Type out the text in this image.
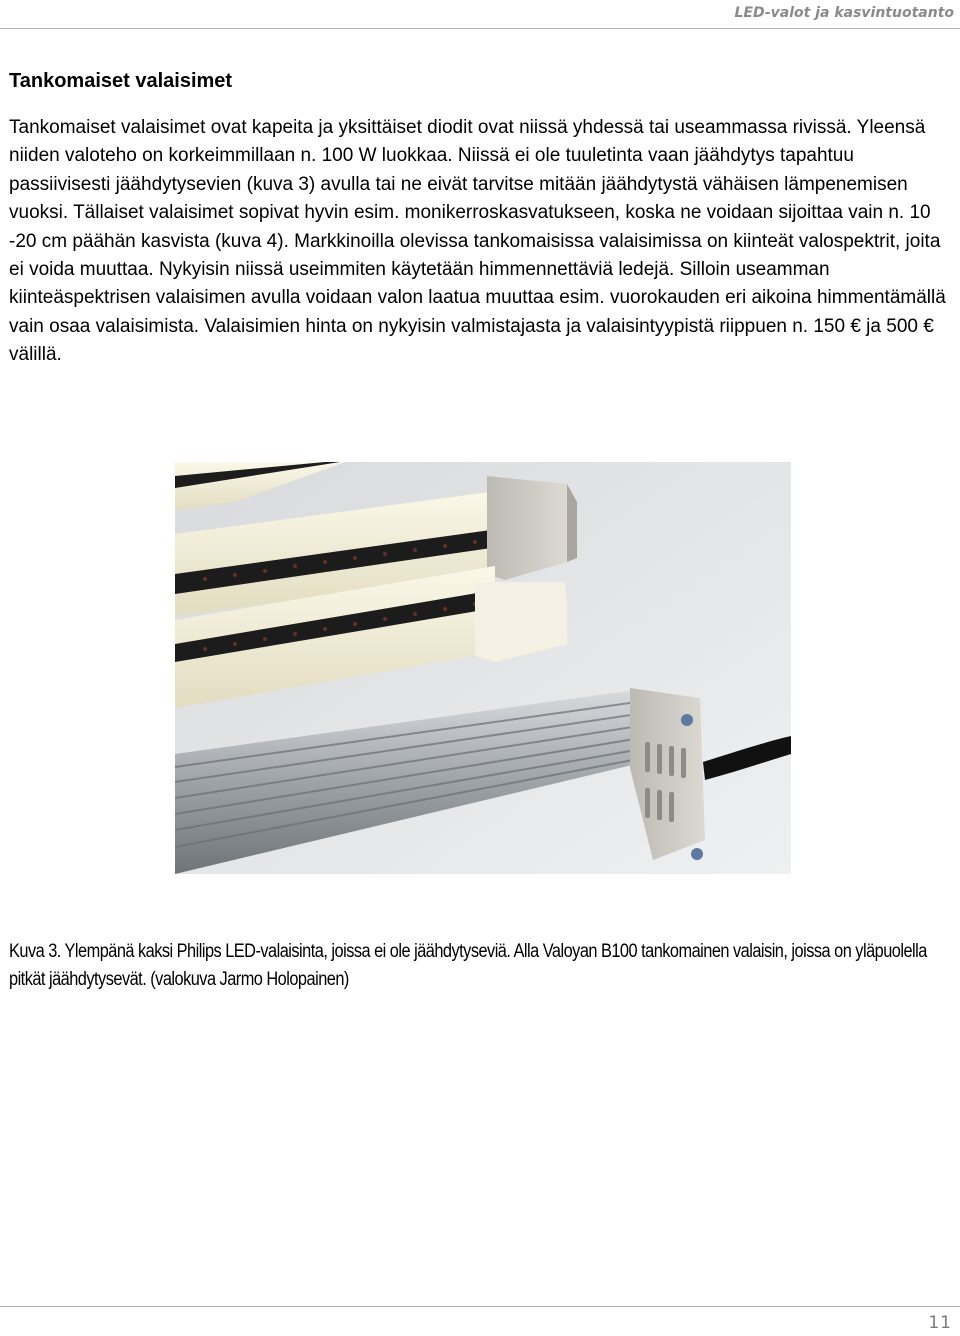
LED-valot ja kasvintuotanto
Tankomaiset valaisimet

Tankomaiset valaisimet ovat kapeita ja yksittäiset diodit ovat niissä yhdessä tai useammassa rivissä. Yleensä niiden valoteho on korkeimmillaan n. 100 W luokkaa. Niissä ei ole tuuletinta vaan jäähdytys tapahtuu passiivisesti jäähdytysevien (kuva 3) avulla tai ne eivät tarvitse mitään jäähdytystä vähäisen lämpenemisen vuoksi. Tällaiset valaisimet sopivat hyvin esim. monikerroskasvatukseen, koska ne voidaan sijoittaa vain n. 10 -20 cm päähän kasvista (kuva 4). Markkinoilla olevissa tankomaisissa valaisimissa on kiinteät valospektrit, joita ei voida muuttaa. Nykyisin niissä useimmiten käytetään himmennettäviä ledejä. Silloin useamman kiinteäspektrisen valaisimen avulla voidaan valon laatua muuttaa esim. vuorokauden eri aikoina himmentämällä vain osaa valaisimista. Valaisimien hinta on nykyisin valmistajasta ja valaisintyypistä riippuen n. 150 € ja 500 € välillä.

Kuva 3. Ylempänä kaksi Philips LED-valaisinta, joissa ei ole jäähdytyseviä. Alla Valoyan B100 tankomainen valaisin, joissa on yläpuolella pitkät jäähdytysevät. (valokuva Jarmo Holopainen)

11
